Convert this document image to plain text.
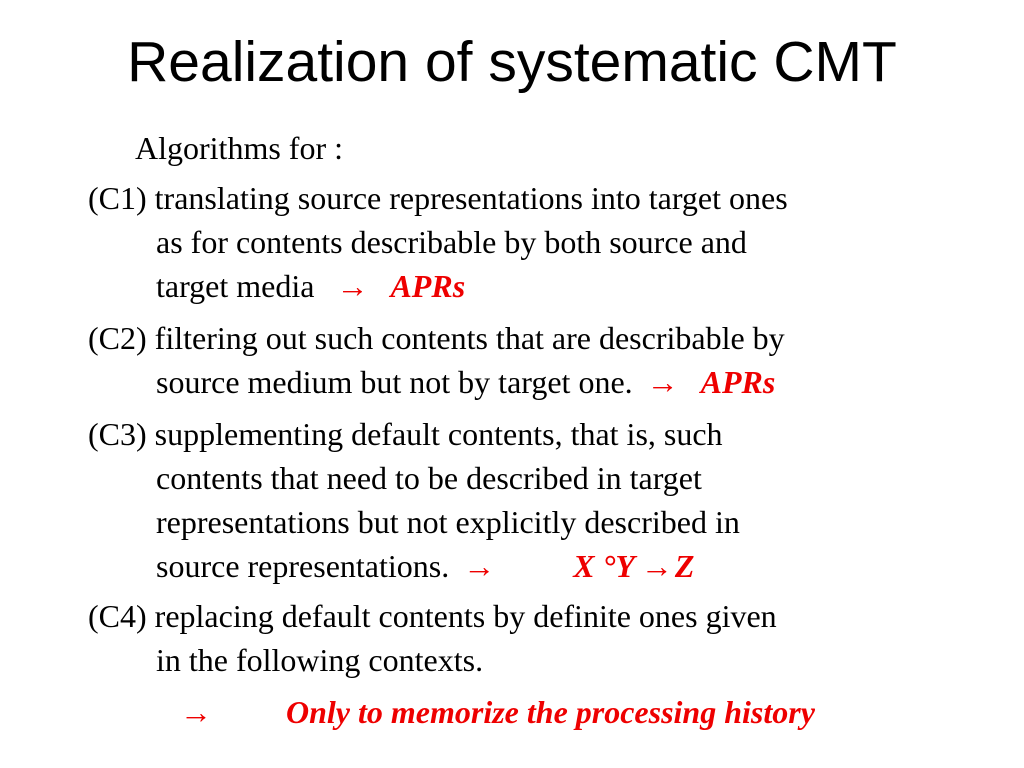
Realization of systematic CMT
Algorithms for :
(C1) translating source representations into target ones
as for contents describable by both source and
target media → APRs
(C2) filtering out such contents that are describable by
source medium but not by target one. → APRs
(C3) supplementing default contents, that is, such
contents that need to be described in target
representations but not explicitly described in
source representations. → X °Y →Z
(C4) replacing default contents by definite ones given
in the following contexts.
→ Only to memorize the processing history
